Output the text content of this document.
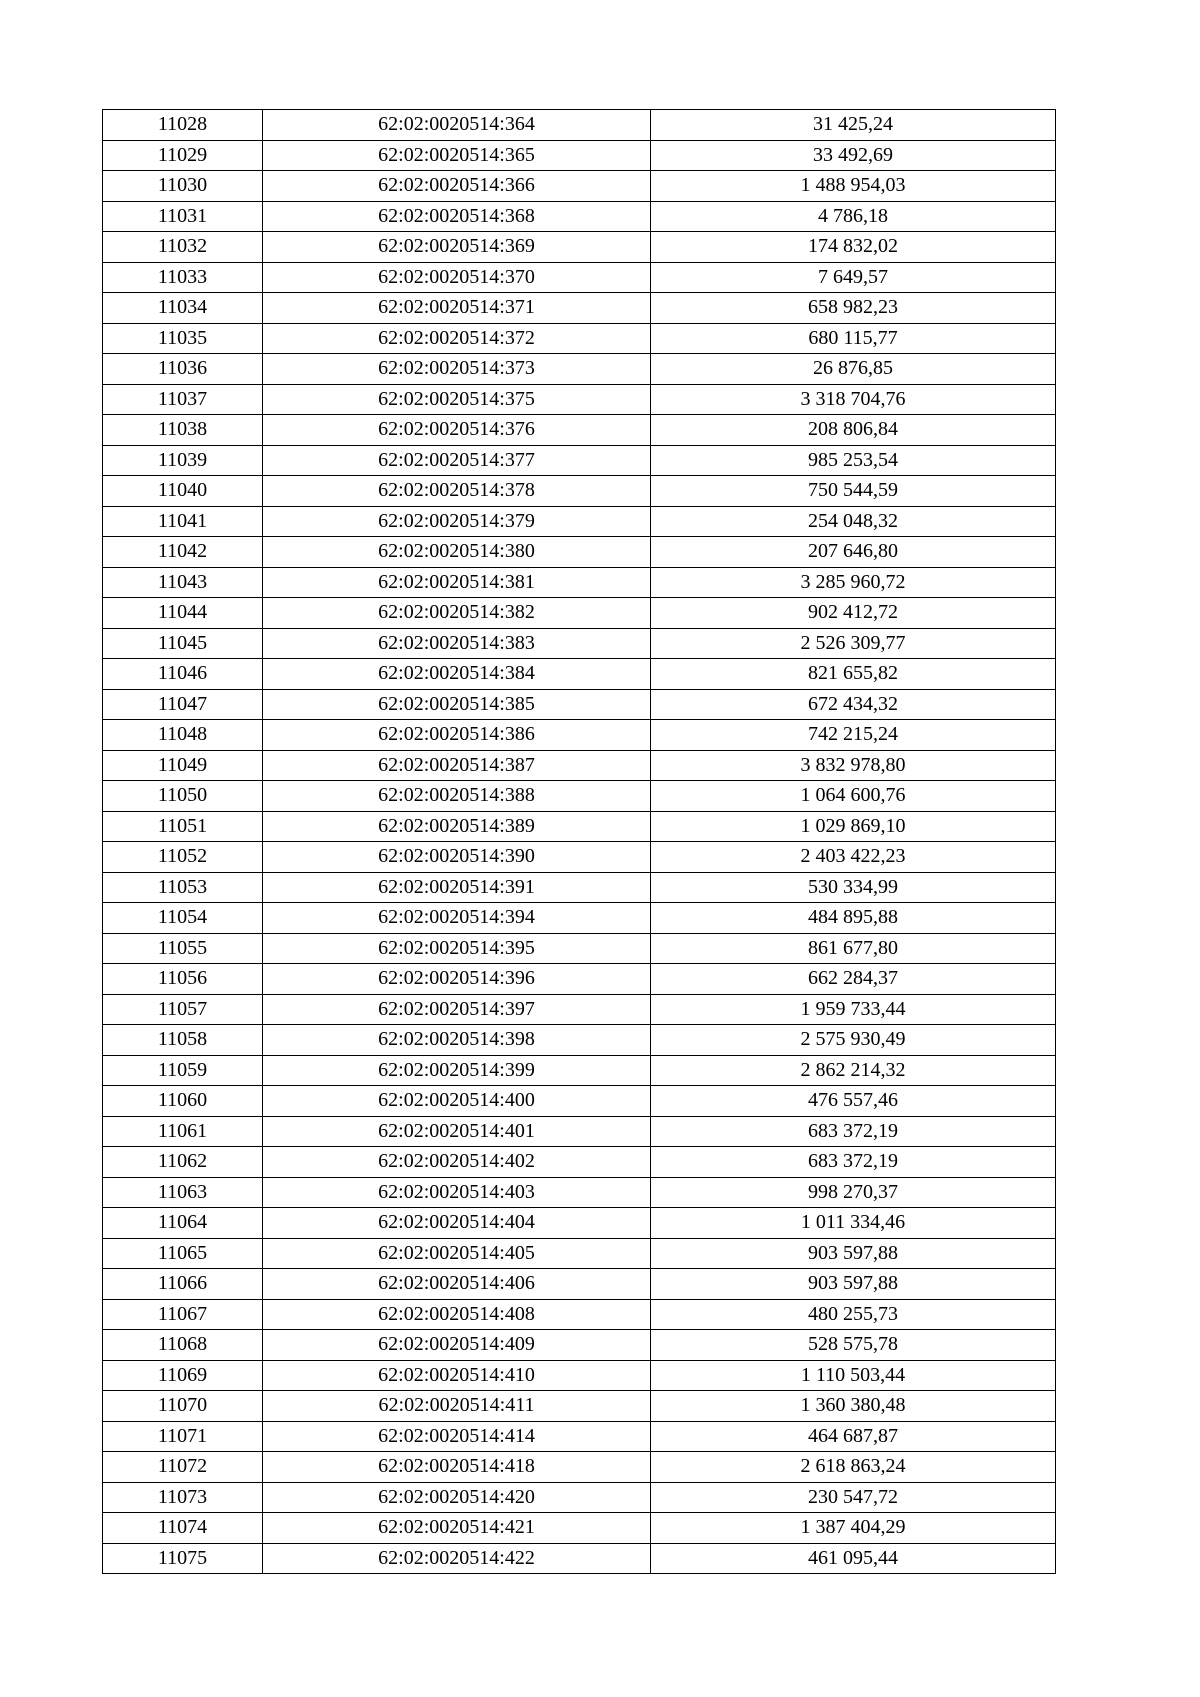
11028	62:02:0020514:364	31 425,24
11029	62:02:0020514:365	33 492,69
11030	62:02:0020514:366	1 488 954,03
11031	62:02:0020514:368	4 786,18
11032	62:02:0020514:369	174 832,02
11033	62:02:0020514:370	7 649,57
11034	62:02:0020514:371	658 982,23
11035	62:02:0020514:372	680 115,77
11036	62:02:0020514:373	26 876,85
11037	62:02:0020514:375	3 318 704,76
11038	62:02:0020514:376	208 806,84
11039	62:02:0020514:377	985 253,54
11040	62:02:0020514:378	750 544,59
11041	62:02:0020514:379	254 048,32
11042	62:02:0020514:380	207 646,80
11043	62:02:0020514:381	3 285 960,72
11044	62:02:0020514:382	902 412,72
11045	62:02:0020514:383	2 526 309,77
11046	62:02:0020514:384	821 655,82
11047	62:02:0020514:385	672 434,32
11048	62:02:0020514:386	742 215,24
11049	62:02:0020514:387	3 832 978,80
11050	62:02:0020514:388	1 064 600,76
11051	62:02:0020514:389	1 029 869,10
11052	62:02:0020514:390	2 403 422,23
11053	62:02:0020514:391	530 334,99
11054	62:02:0020514:394	484 895,88
11055	62:02:0020514:395	861 677,80
11056	62:02:0020514:396	662 284,37
11057	62:02:0020514:397	1 959 733,44
11058	62:02:0020514:398	2 575 930,49
11059	62:02:0020514:399	2 862 214,32
11060	62:02:0020514:400	476 557,46
11061	62:02:0020514:401	683 372,19
11062	62:02:0020514:402	683 372,19
11063	62:02:0020514:403	998 270,37
11064	62:02:0020514:404	1 011 334,46
11065	62:02:0020514:405	903 597,88
11066	62:02:0020514:406	903 597,88
11067	62:02:0020514:408	480 255,73
11068	62:02:0020514:409	528 575,78
11069	62:02:0020514:410	1 110 503,44
11070	62:02:0020514:411	1 360 380,48
11071	62:02:0020514:414	464 687,87
11072	62:02:0020514:418	2 618 863,24
11073	62:02:0020514:420	230 547,72
11074	62:02:0020514:421	1 387 404,29
11075	62:02:0020514:422	461 095,44
